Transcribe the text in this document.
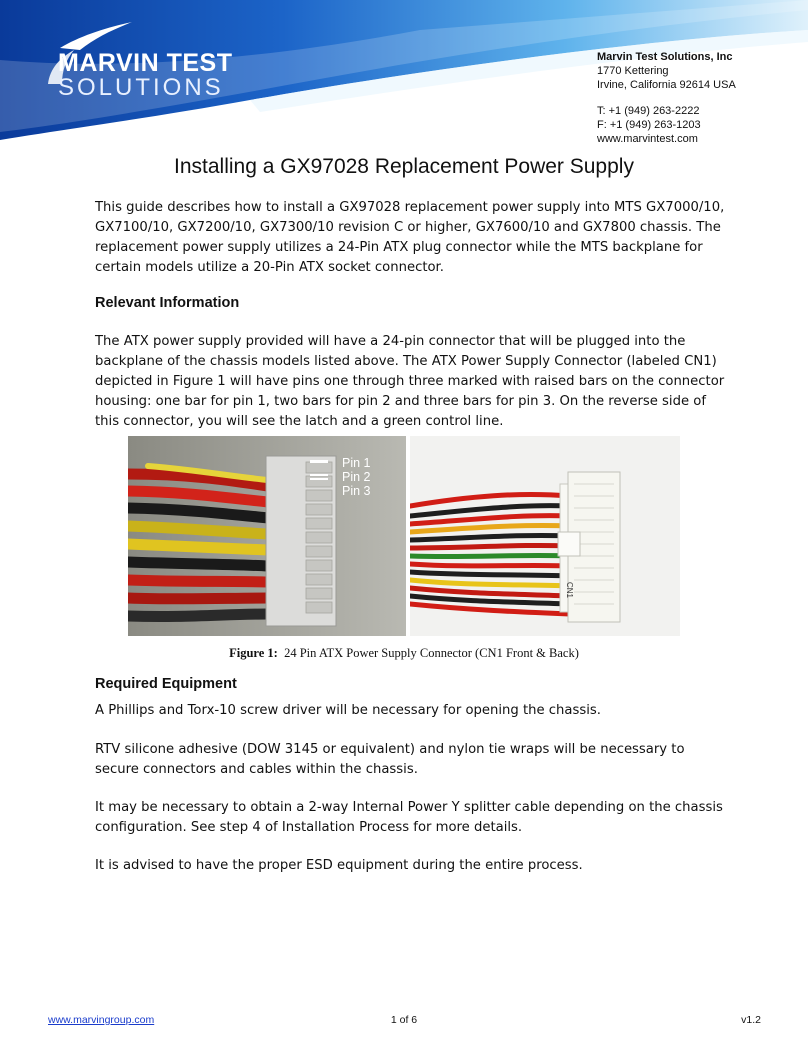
MARVIN TEST
SOLUTIONS
Marvin Test Solutions, Inc
1770 Kettering
Irvine, California 92614 USA
T: +1 (949) 263-2222
F: +1 (949) 263-1203
www.marvintest.com
Installing a GX97028 Replacement Power Supply

This guide describes how to install a GX97028 replacement power supply into MTS GX7000/10, GX7100/10, GX7200/10, GX7300/10 revision C or higher, GX7600/10 and GX7800 chassis. The replacement power supply utilizes a 24-Pin ATX plug connector while the MTS backplane for certain models utilize a 20-Pin ATX socket connector.

Relevant Information

The ATX power supply provided will have a 24-pin connector that will be plugged into the backplane of the chassis models listed above. The ATX Power Supply Connector (labeled CN1) depicted in Figure 1 will have pins one through three marked with raised bars on the connector housing: one bar for pin 1, two bars for pin 2 and three bars for pin 3. On the reverse side of this connector, you will see the latch and a green control line.

Pin 1
Pin 2
Pin 3
CN1
Figure 1: 24 Pin ATX Power Supply Connector (CN1 Front & Back)
Required Equipment

A Phillips and Torx-10 screw driver will be necessary for opening the chassis.

RTV silicone adhesive (DOW 3145 or equivalent) and nylon tie wraps will be necessary to secure connectors and cables within the chassis.

It may be necessary to obtain a 2-way Internal Power Y splitter cable depending on the chassis configuration. See step 4 of Installation Process for more details.

It is advised to have the proper ESD equipment during the entire process.

www.marvingroup.com	1 of 6	v1.2
